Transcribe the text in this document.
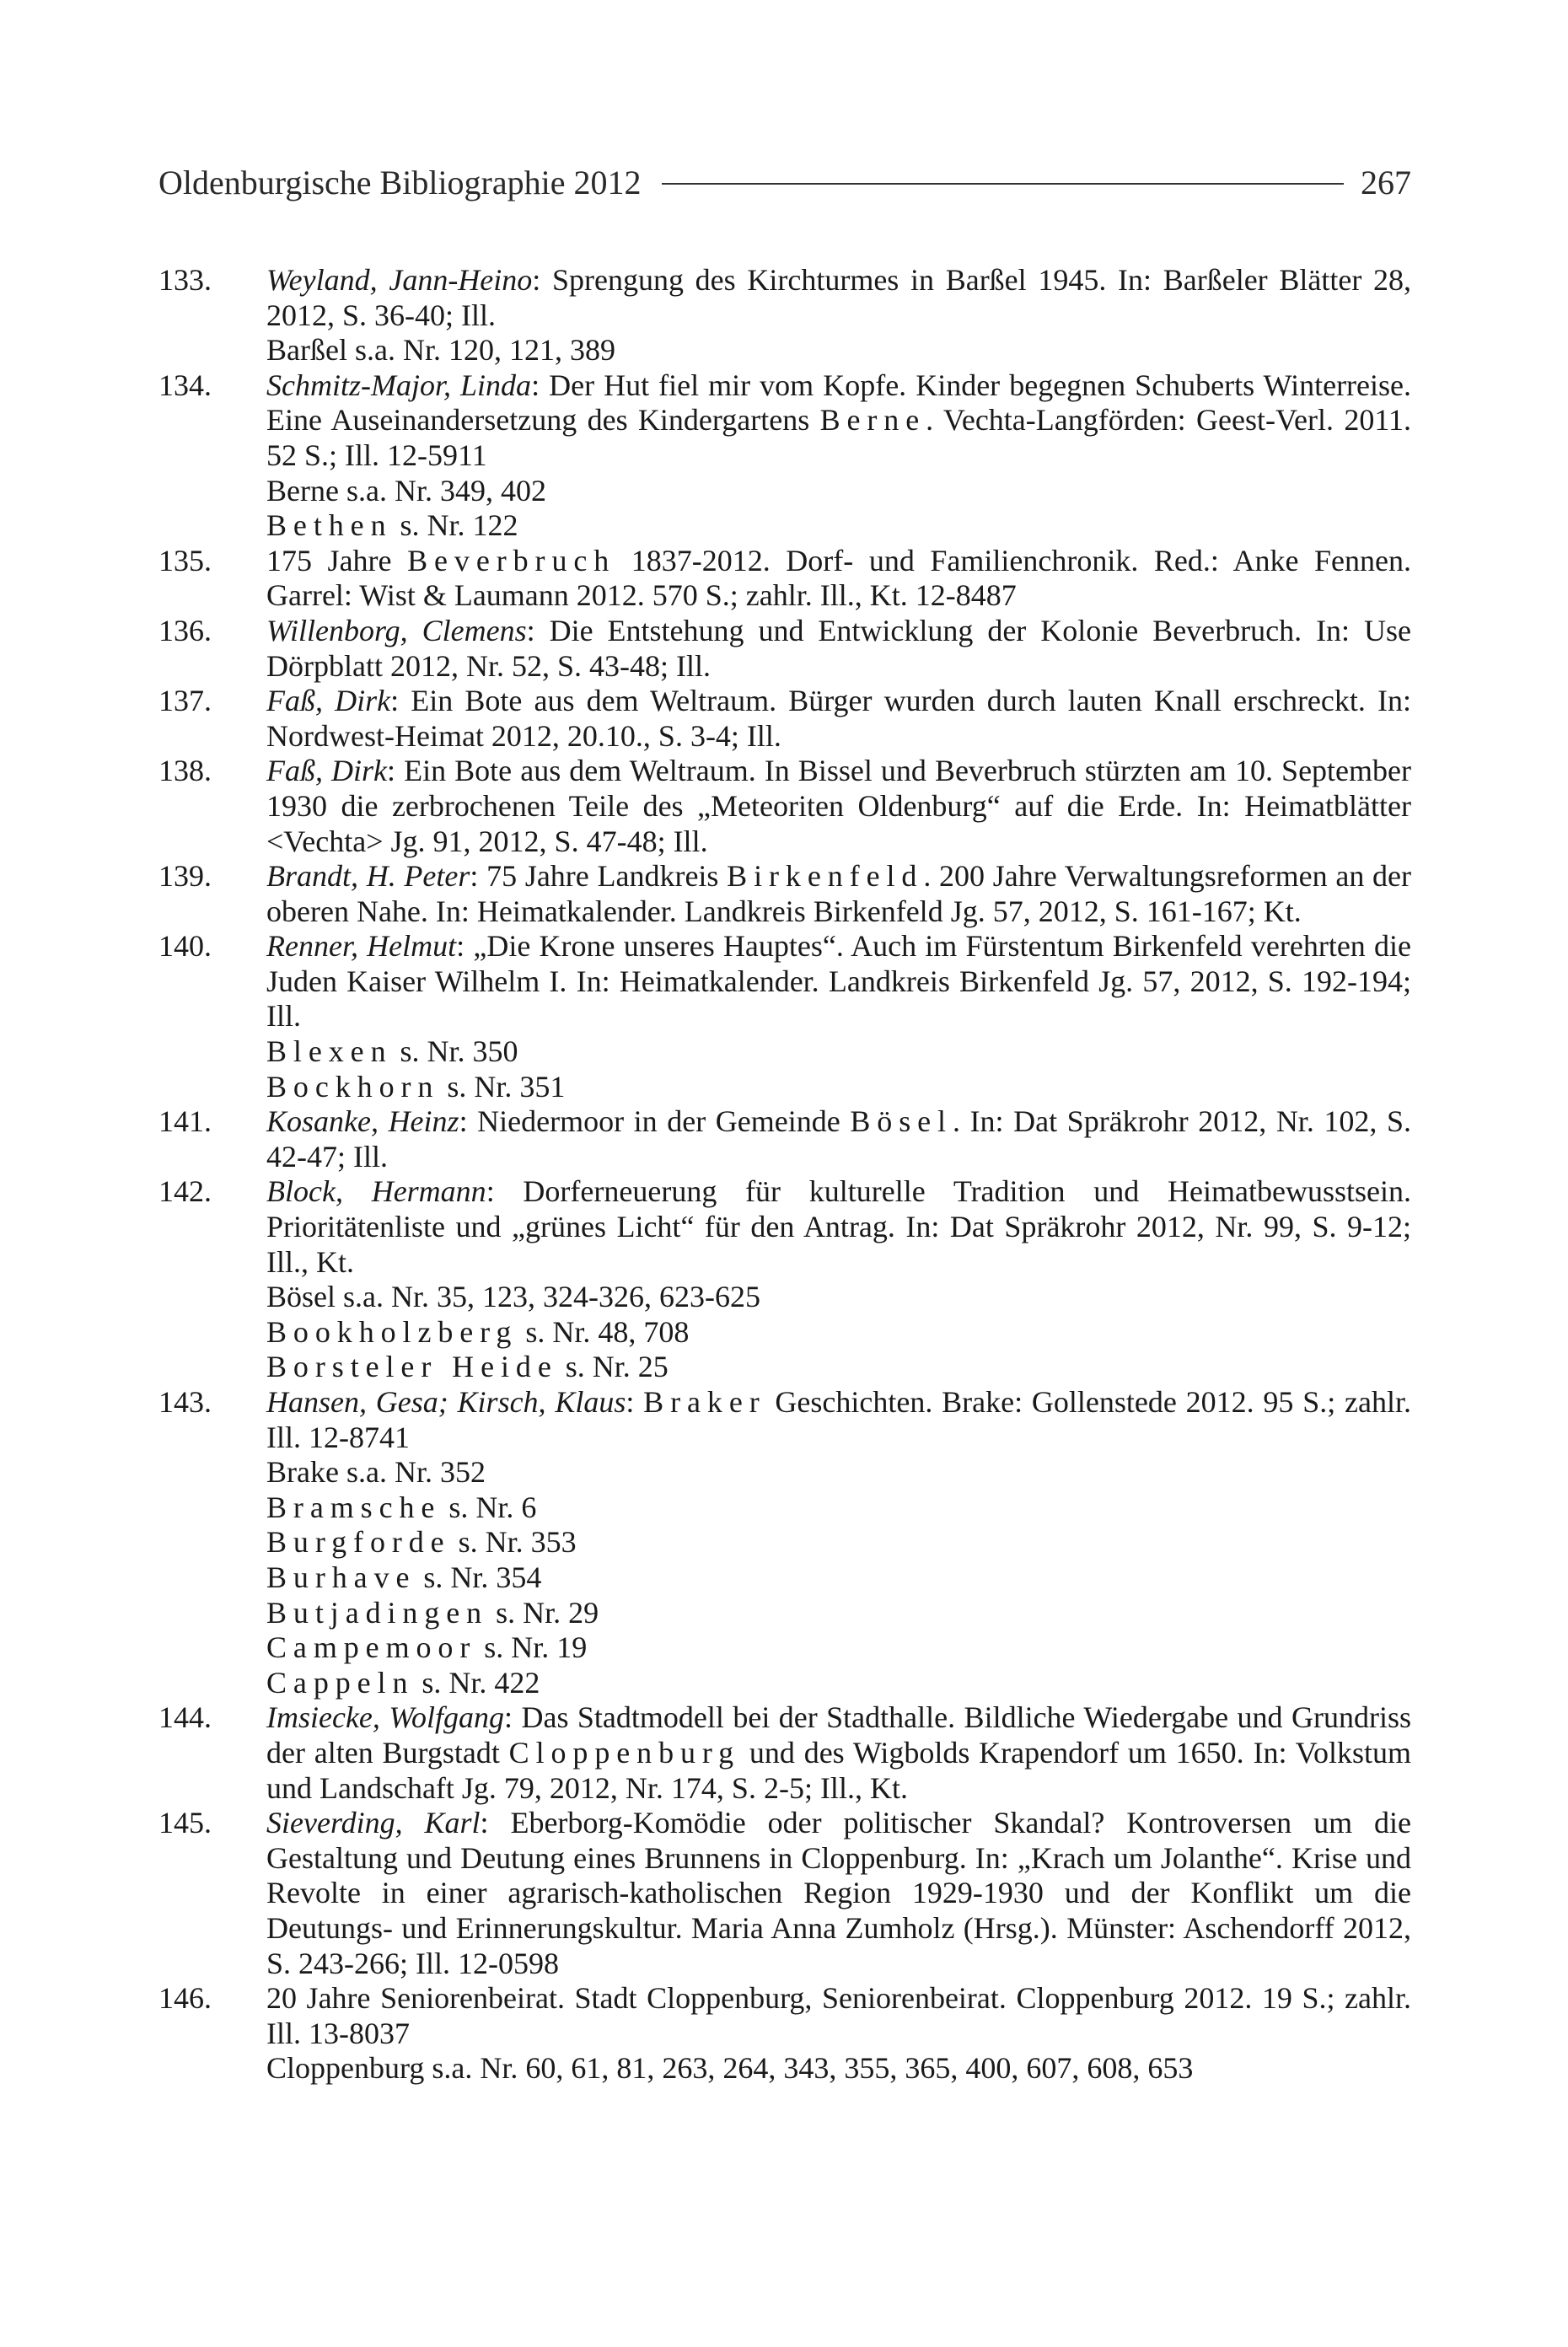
Oldenburgische Bibliographie 2012	267
133. Weyland, Jann-Heino: Sprengung des Kirchturmes in Barßel 1945. In: Barßeler Blätter 28, 2012, S. 36-40; Ill.
Barßel s.a. Nr. 120, 121, 389
134. Schmitz-Major, Linda: Der Hut fiel mir vom Kopfe. Kinder begegnen Schuberts Winterreise. Eine Auseinandersetzung des Kindergartens Berne. Vechta-Langförden: Geest-Verl. 2011. 52 S.; Ill. 12-5911
Berne s.a. Nr. 349, 402
Bethen s. Nr. 122
135. 175 Jahre Beverbruch 1837-2012. Dorf- und Familienchronik. Red.: Anke Fennen. Garrel: Wist & Laumann 2012. 570 S.; zahlr. Ill., Kt. 12-8487
136. Willenborg, Clemens: Die Entstehung und Entwicklung der Kolonie Beverbruch. In: Use Dörpblatt 2012, Nr. 52, S. 43-48; Ill.
137. Faß, Dirk: Ein Bote aus dem Weltraum. Bürger wurden durch lauten Knall erschreckt. In: Nordwest-Heimat 2012, 20.10., S. 3-4; Ill.
138. Faß, Dirk: Ein Bote aus dem Weltraum. In Bissel und Beverbruch stürzten am 10. September 1930 die zerbrochenen Teile des „Meteoriten Oldenburg“ auf die Erde. In: Heimatblätter <Vechta> Jg. 91, 2012, S. 47-48; Ill.
139. Brandt, H. Peter: 75 Jahre Landkreis Birkenfeld. 200 Jahre Verwaltungsreformen an der oberen Nahe. In: Heimatkalender. Landkreis Birkenfeld Jg. 57, 2012, S. 161-167; Kt.
140. Renner, Helmut: „Die Krone unseres Hauptes“. Auch im Fürstentum Birkenfeld verehrten die Juden Kaiser Wilhelm I. In: Heimatkalender. Landkreis Birkenfeld Jg. 57, 2012, S. 192-194; Ill.
Blexen s. Nr. 350
Bockhorn s. Nr. 351
141. Kosanke, Heinz: Niedermoor in der Gemeinde Bösel. In: Dat Spräkrohr 2012, Nr. 102, S. 42-47; Ill.
142. Block, Hermann: Dorferneuerung für kulturelle Tradition und Heimatbewusstsein. Prioritätenliste und „grünes Licht“ für den Antrag. In: Dat Spräkrohr 2012, Nr. 99, S. 9-12; Ill., Kt.
Bösel s.a. Nr. 35, 123, 324-326, 623-625
Bookholzberg s. Nr. 48, 708
Borsteler Heide s. Nr. 25
143. Hansen, Gesa; Kirsch, Klaus: Braker Geschichten. Brake: Gollenstede 2012. 95 S.; zahlr. Ill. 12-8741
Brake s.a. Nr. 352
Bramsche s. Nr. 6
Burgforde s. Nr. 353
Burhave s. Nr. 354
Butjadingen s. Nr. 29
Campemoor s. Nr. 19
Cappeln s. Nr. 422
144. Imsiecke, Wolfgang: Das Stadtmodell bei der Stadthalle. Bildliche Wiedergabe und Grundriss der alten Burgstadt Cloppenburg und des Wigbolds Krapendorf um 1650. In: Volkstum und Landschaft Jg. 79, 2012, Nr. 174, S. 2-5; Ill., Kt.
145. Sieverding, Karl: Eberborg-Komödie oder politischer Skandal? Kontroversen um die Gestaltung und Deutung eines Brunnens in Cloppenburg. In: „Krach um Jolanthe“. Krise und Revolte in einer agrarisch-katholischen Region 1929-1930 und der Konflikt um die Deutungs- und Erinnerungskultur. Maria Anna Zumholz (Hrsg.). Münster: Aschendorff 2012, S. 243-266; Ill. 12-0598
146. 20 Jahre Seniorenbeirat. Stadt Cloppenburg, Seniorenbeirat. Cloppenburg 2012. 19 S.; zahlr. Ill. 13-8037
Cloppenburg s.a. Nr. 60, 61, 81, 263, 264, 343, 355, 365, 400, 607, 608, 653
